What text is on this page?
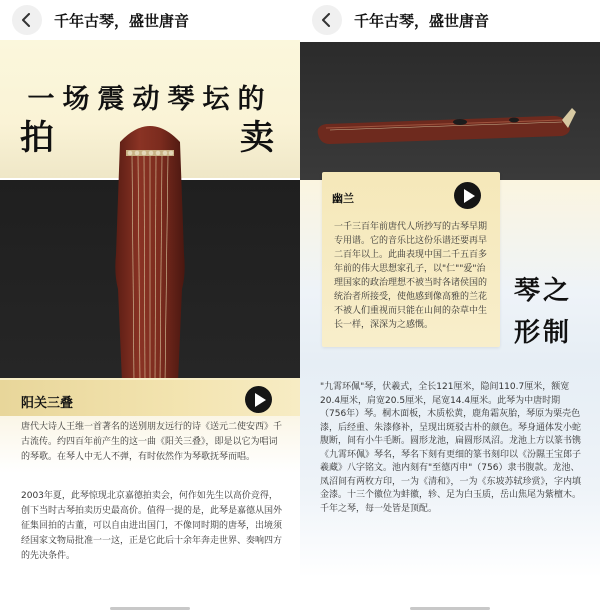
千年古琴，盛世唐音
一场震动琴坛的
拍	卖
阳关三叠
唐代大诗人王维一首著名的送别朋友远行的诗《送元二使安西》千古流传。约四百年前产生的这一曲《阳关三叠》，即是以它为唱词的琴歌。在琴人中无人不弹，有时依然作为琴歌抚琴而唱。
2003年夏，此琴惊现北京嘉德拍卖会，何作如先生以高价竞得，创下当时古琴拍卖历史最高价。值得一提的是，此琴是嘉德从国外征集回拍的古董，可以自由进出国门，不像同时期的唐琴，出境须经国家文物局批准一一这，正是它此后十余年奔走世界、奏响四方的先决条件。
千年古琴，盛世唐音
幽兰
一千三百年前唐代人所抄写的古琴早期专用谱。它的音乐比这份乐谱还要再早二百年以上。此曲表现中国二千五百多年前的伟大思想家孔子，以"仁""爱"治理国家的政治理想不被当时各诸侯国的统治者所接受，使他感到像高雅的兰花不被人们重视而只能在山间的杂草中生长一样，深深为之感慨。
琴之
形制
"九霄环佩"琴，伏羲式，全长121厘米，隐间110.7厘米，额宽20.4厘米，肩宽20.5厘米，尾宽14.4厘米。此琴为中唐时期（756年）琴。桐木面板，木质松黄，鹿角霜灰胎，琴原为栗壳色漆，后经重、朱漆修补，呈现出斑驳古朴的颜色。琴身通体发小蛇腹断，间有小牛毛断。圆形龙池，扁圆形凤沼。龙池上方以篆书镌《九霄环佩》琴名，琴名下刻有更细的篆书刻印以《汾隰王宝郎子羲藏》八字铭文。池内刻有"至德丙申"（756）隶书腹款。龙池、凤沼间有两枚方印，一为《清和》，一为《东坡苏轼珍赏》，字内填金漆。十三个徽位为蚌徽，轸、足为白玉质，岳山焦尾为紫檀木。千年之琴，每一处皆是顶配。
